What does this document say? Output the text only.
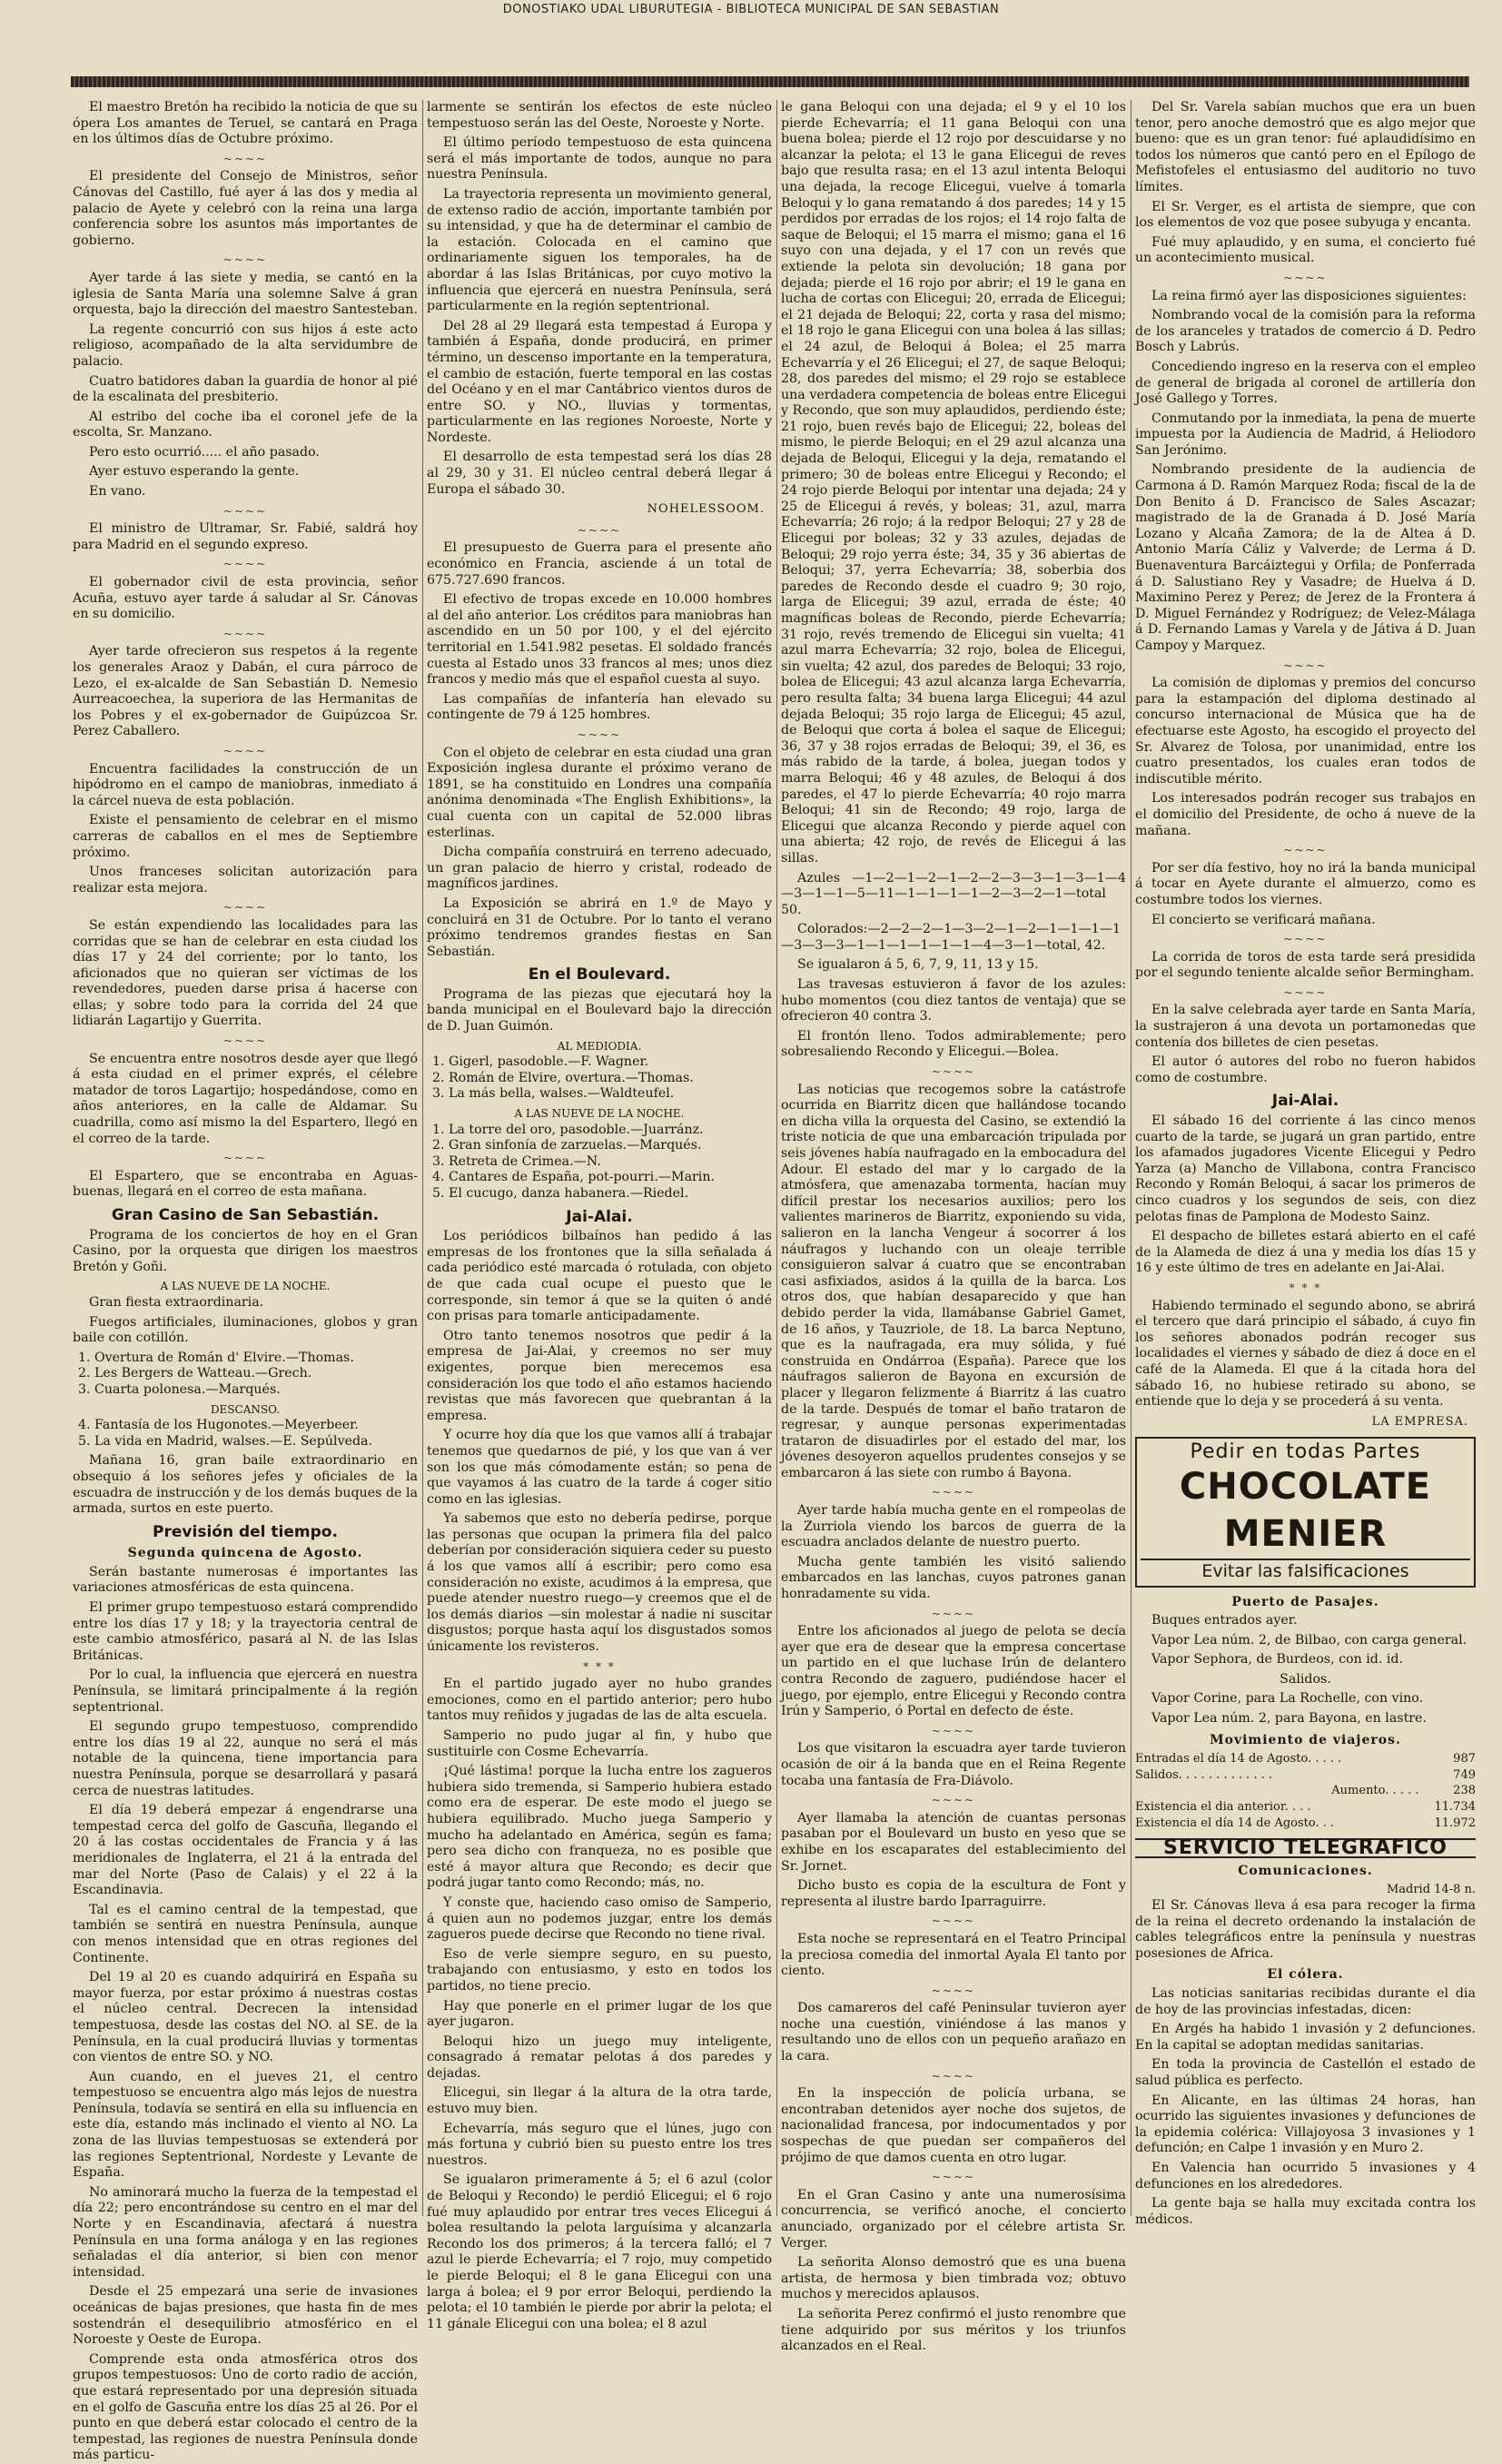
DONOSTIAKO UDAL LIBURUTEGIA - BIBLIOTECA MUNICIPAL DE SAN SEBASTIAN

El maestro Bretón ha recibido la noticia de que su ópera Los amantes de Teruel, se cantará en Praga en los últimos días de Octubre próximo.

~~~~

El presidente del Consejo de Ministros, señor Cánovas del Castillo, fué ayer á las dos y media al palacio de Ayete y celebró con la reina una larga conferencia sobre los asuntos más importantes de gobierno.

~~~~

Ayer tarde á las siete y media, se cantó en la iglesia de Santa María una solemne Salve á gran orquesta, bajo la dirección del maestro Santesteban.

La regente concurrió con sus hijos á este acto religioso, acompañado de la alta servidumbre de palacio.

Cuatro batidores daban la guardia de honor al pié de la escalinata del presbiterio.

Al estribo del coche iba el coronel jefe de la escolta, Sr. Manzano.

Pero esto ocurrió..... el año pasado.

Ayer estuvo esperando la gente.

En vano.

~~~~

El ministro de Ultramar, Sr. Fabié, saldrá hoy para Madrid en el segundo expreso.

~~~~

El gobernador civil de esta provincia, señor Acuña, estuvo ayer tarde á saludar al Sr. Cánovas en su domicilio.

~~~~

Ayer tarde ofrecieron sus respetos á la regente los generales Araoz y Dabán, el cura párroco de Lezo, el ex-alcalde de San Sebastián D. Nemesio Aurreacoechea, la superiora de las Hermanitas de los Pobres y el ex-gobernador de Guipúzcoa Sr. Perez Caballero.

~~~~

Encuentra facilidades la construcción de un hipódromo en el campo de maniobras, inmediato á la cárcel nueva de esta población.

Existe el pensamiento de celebrar en el mismo carreras de caballos en el mes de Septiembre próximo.

Unos franceses solicitan autorización para realizar esta mejora.

~~~~

Se están expendiendo las localidades para las corridas que se han de celebrar en esta ciudad los días 17 y 24 del corriente; por lo tanto, los aficionados que no quieran ser víctimas de los revendedores, pueden darse prisa á hacerse con ellas; y sobre todo para la corrida del 24 que lidiarán Lagartijo y Guerrita.

~~~~

Se encuentra entre nosotros desde ayer que llegó á esta ciudad en el primer exprés, el célebre matador de toros Lagartijo; hospedándose, como en años anteriores, en la calle de Aldamar. Su cuadrilla, como así mismo la del Espartero, llegó en el correo de la tarde.

~~~~

El Espartero, que se encontraba en Aguas-buenas, llegará en el correo de esta mañana.

Gran Casino de San Sebastián.

Programa de los conciertos de hoy en el Gran Casino, por la orquesta que dirigen los maestros Bretón y Goñi.

A LAS NUEVE DE LA NOCHE.

Gran fiesta extraordinaria.

Fuegos artificiales, iluminaciones, globos y gran baile con cotillón.

1. Overtura de Román d' Elvire.—Thomas.
2. Les Bergers de Watteau.—Grech.
3. Cuarta polonesa.—Marqués.
DESCANSO.
4. Fantasía de los Hugonotes.—Meyerbeer.
5. La vida en Madrid, walses.—E. Sepúlveda.

Mañana 16, gran baile extraordinario en obsequio á los señores jefes y oficiales de la escuadra de instrucción y de los demás buques de la armada, surtos en este puerto.

Previsión del tiempo.
Segunda quincena de Agosto.

Serán bastante numerosas é importantes las variaciones atmosféricas de esta quincena.

El primer grupo tempestuoso estará comprendido entre los días 17 y 18; y la trayectoria central de este cambio atmosférico, pasará al N. de las Islas Británicas.

Por lo cual, la influencia que ejercerá en nuestra Península, se limitará principalmente á la región septentrional.

El segundo grupo tempestuoso, comprendido entre los días 19 al 22, aunque no será el más notable de la quincena, tiene importancia para nuestra Península, porque se desarrollará y pasará cerca de nuestras latitudes.

El día 19 deberá empezar á engendrarse una tempestad cerca del golfo de Gascuña, llegando el 20 á las costas occidentales de Francia y á las meridionales de Inglaterra, el 21 á la entrada del mar del Norte (Paso de Calais) y el 22 á la Escandinavia.

Tal es el camino central de la tempestad, que también se sentirá en nuestra Península, aunque con menos intensidad que en otras regiones del Continente.

Del 19 al 20 es cuando adquirirá en España su mayor fuerza, por estar próximo á nuestras costas el núcleo central. Decrecen la intensidad tempestuosa, desde las costas del NO. al SE. de la Península, en la cual producirá lluvias y tormentas con vientos de entre SO. y NO.

Aun cuando, en el jueves 21, el centro tempestuoso se encuentra algo más lejos de nuestra Península, todavía se sentirá en ella su influencia en este día, estando más inclinado el viento al NO. La zona de las lluvias tempestuosas se extenderá por las regiones Septentrional, Nordeste y Levante de España.

No aminorará mucho la fuerza de la tempestad el día 22; pero encontrándose su centro en el mar del Norte y en Escandinavia, afectará á nuestra Península en una forma análoga y en las regiones señaladas el día anterior, si bien con menor intensidad.

Desde el 25 empezará una serie de invasiones oceánicas de bajas presiones, que hasta fin de mes sostendrán el desequilibrio atmosférico en el Noroeste y Oeste de Europa.

Comprende esta onda atmosférica otros dos grupos tempestuosos: Uno de corto radio de acción, que estará representado por una depresión situada en el golfo de Gascuña entre los días 25 al 26. Por el punto en que deberá estar colocado el centro de la tempestad, las regiones de nuestra Península donde más particu-

larmente se sentirán los efectos de este núcleo tempestuoso serán las del Oeste, Noroeste y Norte.

El último período tempestuoso de esta quincena será el más importante de todos, aunque no para nuestra Península.

La trayectoria representa un movimiento general, de extenso radio de acción, importante también por su intensidad, y que ha de determinar el cambio de la estación. Colocada en el camino que ordinariamente siguen los temporales, ha de abordar á las Islas Británicas, por cuyo motivo la influencia que ejercerá en nuestra Península, será particularmente en la región septentrional.

Del 28 al 29 llegará esta tempestad á Europa y también á España, donde producirá, en primer término, un descenso importante en la temperatura, el cambio de estación, fuerte temporal en las costas del Océano y en el mar Cantábrico vientos duros de entre SO. y NO., lluvias y tormentas, particularmente en las regiones Noroeste, Norte y Nordeste.

El desarrollo de esta tempestad será los días 28 al 29, 30 y 31. El núcleo central deberá llegar á Europa el sábado 30.

NOHELESSOOM.
~~~~

El presupuesto de Guerra para el presente año económico en Francia, asciende á un total de 675.727.690 francos.

El efectivo de tropas excede en 10.000 hombres al del año anterior. Los créditos para maniobras han ascendido en un 50 por 100, y el del ejército territorial en 1.541.982 pesetas. El soldado francés cuesta al Estado unos 33 francos al mes; unos diez francos y medio más que el español cuesta al suyo.

Las compañías de infantería han elevado su contingente de 79 á 125 hombres.

~~~~

Con el objeto de celebrar en esta ciudad una gran Exposición inglesa durante el próximo verano de 1891, se ha constituido en Londres una compañía anónima denominada «The English Exhibitions», la cual cuenta con un capital de 52.000 libras esterlinas.

Dicha compañía construirá en terreno adecuado, un gran palacio de hierro y cristal, rodeado de magníficos jardines.

La Exposición se abrirá en 1.º de Mayo y concluirá en 31 de Octubre. Por lo tanto el verano próximo tendremos grandes fiestas en San Sebastián.

En el Boulevard.

Programa de las piezas que ejecutará hoy la banda municipal en el Boulevard bajo la dirección de D. Juan Guimón.

AL MEDIODIA.
1. Gigerl, pasodoble.—F. Wagner.
2. Román de Elvire, overtura.—Thomas.
3. La más bella, walses.—Waldteufel.
A LAS NUEVE DE LA NOCHE.
1. La torre del oro, pasodoble.—Juarránz.
2. Gran sinfonía de zarzuelas.—Marqués.
3. Retreta de Crimea.—N.
4. Cantares de España, pot-pourri.—Marin.
5. El cucugo, danza habanera.—Riedel.
Jai-Alai.

Los periódicos bilbaínos han pedido á las empresas de los frontones que la silla señalada á cada periódico esté marcada ó rotulada, con objeto de que cada cual ocupe el puesto que le corresponde, sin temor á que se la quiten ó andé con prisas para tomarle anticipadamente.

Otro tanto tenemos nosotros que pedir á la empresa de Jai-Alai, y creemos no ser muy exigentes, porque bien merecemos esa consideración los que todo el año estamos haciendo revistas que más favorecen que quebrantan á la empresa.

Y ocurre hoy día que los que vamos allí á trabajar tenemos que quedarnos de pié, y los que van á ver son los que más cómodamente están; so pena de que vayamos á las cuatro de la tarde á coger sitio como en las iglesias.

Ya sabemos que esto no debería pedirse, porque las personas que ocupan la primera fila del palco deberían por consideración siquiera ceder su puesto á los que vamos allí á escribir; pero como esa consideración no existe, acudimos á la empresa, que puede atender nuestro ruego—y creemos que el de los demás diarios —sin molestar á nadie ni suscitar disgustos; porque hasta aquí los disgustados somos únicamente los revisteros.

* * *

En el partido jugado ayer no hubo grandes emociones, como en el partido anterior; pero hubo tantos muy reñidos y jugadas de las de alta escuela.

Samperio no pudo jugar al fin, y hubo que sustituirle con Cosme Echevarría.

¡Qué lástima! porque la lucha entre los zagueros hubiera sido tremenda, si Samperio hubiera estado como era de esperar. De este modo el juego se hubiera equilibrado. Mucho juega Samperio y mucho ha adelantado en América, según es fama; pero sea dicho con franqueza, no es posible que esté á mayor altura que Recondo; es decir que podrá jugar tanto como Recondo; más, no.

Y conste que, haciendo caso omiso de Samperio, á quien aun no podemos juzgar, entre los demás zagueros puede decirse que Recondo no tiene rival.

Eso de verle siempre seguro, en su puesto, trabajando con entusiasmo, y esto en todos los partidos, no tiene precio.

Hay que ponerle en el primer lugar de los que ayer jugaron.

Beloqui hizo un juego muy inteligente, consagrado á rematar pelotas á dos paredes y dejadas.

Elicegui, sin llegar á la altura de la otra tarde, estuvo muy bien.

Echevarría, más seguro que el lúnes, jugo con más fortuna y cubrió bien su puesto entre los tres nuestros.

Se igualaron primeramente á 5; el 6 azul (color de Beloqui y Recondo) le perdió Elicegui; el 6 rojo fué muy aplaudido por entrar tres veces Elicegui á bolea resultando la pelota larguísima y alcanzarla Recondo los dos primeros; á la tercera falló; el 7 azul le pierde Echevarría; el 7 rojo, muy competido le pierde Beloqui; el 8 le gana Elicegui con una larga á bolea; el 9 por error Beloqui, perdiendo la pelota; el 10 también le pierde por abrir la pelota; el 11 gánale Elicegui con una bolea; el 8 azul

le gana Beloqui con una dejada; el 9 y el 10 los pierde Echevarría; el 11 gana Beloqui con una buena bolea; pierde el 12 rojo por descuidarse y no alcanzar la pelota; el 13 le gana Elicegui de reves bajo que resulta rasa; en el 13 azul intenta Beloqui una dejada, la recoge Elicegui, vuelve á tomarla Beloqui y lo gana rematando á dos paredes; 14 y 15 perdidos por erradas de los rojos; el 14 rojo falta de saque de Beloqui; el 15 marra el mismo; gana el 16 suyo con una dejada, y el 17 con un revés que extiende la pelota sin devolución; 18 gana por dejada; pierde el 16 rojo por abrir; el 19 le gana en lucha de cortas con Elicegui; 20, errada de Elicegui; el 21 dejada de Beloqui; 22, corta y rasa del mismo; el 18 rojo le gana Elicegui con una bolea á las sillas; el 24 azul, de Beloqui á Bolea; el 25 marra Echevarría y el 26 Elicegui; el 27, de saque Beloqui; 28, dos paredes del mismo; el 29 rojo se establece una verdadera competencia de boleas entre Elicegui y Recondo, que son muy aplaudidos, perdiendo éste; 21 rojo, buen revés bajo de Elicegui; 22, boleas del mismo, le pierde Beloqui; en el 29 azul alcanza una dejada de Beloqui, Elicegui y la deja, rematando el primero; 30 de boleas entre Elicegui y Recondo; el 24 rojo pierde Beloqui por intentar una dejada; 24 y 25 de Elicegui á revés, y boleas; 31, azul, marra Echevarría; 26 rojo; á la redpor Beloqui; 27 y 28 de Elicegui por boleas; 32 y 33 azules, dejadas de Beloqui; 29 rojo yerra éste; 34, 35 y 36 abiertas de Beloqui; 37, yerra Echevarría; 38, soberbia dos paredes de Recondo desde el cuadro 9; 30 rojo, larga de Elicegui; 39 azul, errada de éste; 40 magníficas boleas de Recondo, pierde Echevarría; 31 rojo, revés tremendo de Elicegui sin vuelta; 41 azul marra Echevarría; 32 rojo, bolea de Elicegui, sin vuelta; 42 azul, dos paredes de Beloqui; 33 rojo, bolea de Elicegui; 43 azul alcanza larga Echevarría, pero resulta falta; 34 buena larga Elicegui; 44 azul dejada Beloqui; 35 rojo larga de Elicegui; 45 azul, de Beloqui que corta á bolea el saque de Elicegui; 36, 37 y 38 rojos erradas de Beloqui; 39, el 36, es más rabido de la tarde, á bolea, juegan todos y marra Beloqui; 46 y 48 azules, de Beloqui á dos paredes, el 47 lo pierde Echevarría; 40 rojo marra Beloqui; 41 sin de Recondo; 49 rojo, larga de Elicegui que alcanza Recondo y pierde aquel con una abierta; 42 rojo, de revés de Elicegui á las sillas.

Azules —1—2—1—2—1—2—2—3—3—1—3—1—4—3—1—1—5—11—1—1—1—1—2—3—2—1—total 50.

Colorados:—2—2—2—1—3—2—1—2—1—1—1—1—3—3—3—1—1—1—1—1—1—4—3—1—total, 42.

Se igualaron á 5, 6, 7, 9, 11, 13 y 15.

Las travesas estuvieron á favor de los azules: hubo momentos (cou diez tantos de ventaja) que se ofrecieron 40 contra 3.

El frontón lleno. Todos admirablemente; pero sobresaliendo Recondo y Elicegui.—Bolea.

~~~~

Las noticias que recogemos sobre la catástrofe ocurrida en Biarritz dicen que hallándose tocando en dicha villa la orquesta del Casino, se extendió la triste noticia de que una embarcación tripulada por seis jóvenes había naufragado en la embocadura del Adour. El estado del mar y lo cargado de la atmósfera, que amenazaba tormenta, hacían muy difícil prestar los necesarios auxilios; pero los valientes marineros de Biarritz, exponiendo su vida, salieron en la lancha Vengeur á socorrer á los náufragos y luchando con un oleaje terrible consiguieron salvar á cuatro que se encontraban casi asfixiados, asidos á la quilla de la barca. Los otros dos, que habían desaparecido y que han debido perder la vida, llamábanse Gabriel Gamet, de 16 años, y Tauzriole, de 18. La barca Neptuno, que es la naufragada, era muy sólida, y fué construida en Ondárroa (España). Parece que los náufragos salieron de Bayona en excursión de placer y llegaron felizmente á Biarritz á las cuatro de la tarde. Después de tomar el baño trataron de regresar, y aunque personas experimentadas trataron de disuadirles por el estado del mar, los jóvenes desoyeron aquellos prudentes consejos y se embarcaron á las siete con rumbo á Bayona.

~~~~

Ayer tarde había mucha gente en el rompeolas de la Zurriola viendo los barcos de guerra de la escuadra anclados delante de nuestro puerto.

Mucha gente también les visitó saliendo embarcados en las lanchas, cuyos patrones ganan honradamente su vida.

~~~~

Entre los aficionados al juego de pelota se decía ayer que era de desear que la empresa concertase un partido en el que luchase Irún de delantero contra Recondo de zaguero, pudiéndose hacer el juego, por ejemplo, entre Elicegui y Recondo contra Irún y Samperio, ó Portal en defecto de éste.

~~~~

Los que visitaron la escuadra ayer tarde tuvieron ocasión de oir á la banda que en el Reina Regente tocaba una fantasía de Fra-Diávolo.

~~~~

Ayer llamaba la atención de cuantas personas pasaban por el Boulevard un busto en yeso que se exhibe en los escaparates del establecimiento del Sr. Jornet.

Dicho busto es copia de la escultura de Font y representa al ilustre bardo Iparraguirre.

~~~~

Esta noche se representará en el Teatro Principal la preciosa comedia del inmortal Ayala El tanto por ciento.

~~~~

Dos camareros del café Peninsular tuvieron ayer noche una cuestión, viniéndose á las manos y resultando uno de ellos con un pequeño arañazo en la cara.

~~~~

En la inspección de policía urbana, se encontraban detenidos ayer noche dos sujetos, de nacionalidad francesa, por indocumentados y por sospechas de que puedan ser compañeros del prójimo de que damos cuenta en otro lugar.

~~~~

En el Gran Casino y ante una numerosísima concurrencia, se verificó anoche, el concierto anunciado, organizado por el célebre artista Sr. Verger.

La señorita Alonso demostró que es una buena artista, de hermosa y bien timbrada voz; obtuvo muchos y merecidos aplausos.

La señorita Perez confirmó el justo renombre que tiene adquirido por sus méritos y los triunfos alcanzados en el Real.

Del Sr. Varela sabían muchos que era un buen tenor, pero anoche demostró que es algo mejor que bueno: que es un gran tenor: fué aplaudidísimo en todos los números que cantó pero en el Epílogo de Mefistofeles el entusiasmo del auditorio no tuvo límites.

El Sr. Verger, es el artista de siempre, que con los elementos de voz que posee subyuga y encanta.

Fué muy aplaudido, y en suma, el concierto fué un acontecimiento musical.

~~~~

La reina firmó ayer las disposiciones siguientes:

Nombrando vocal de la comisión para la reforma de los aranceles y tratados de comercio á D. Pedro Bosch y Labrús.

Concediendo ingreso en la reserva con el empleo de general de brigada al coronel de artillería don José Gallego y Torres.

Conmutando por la inmediata, la pena de muerte impuesta por la Audiencia de Madrid, á Heliodoro San Jerónimo.

Nombrando presidente de la audiencia de Carmona á D. Ramón Marquez Roda; fiscal de la de Don Benito á D. Francisco de Sales Ascazar; magistrado de la de Granada á D. José María Lozano y Alcaña Zamora; de la de Altea á D. Antonio María Cáliz y Valverde; de Lerma á D. Buenaventura Barcáiztegui y Orfila; de Ponferrada á D. Salustiano Rey y Vasadre; de Huelva á D. Maximino Perez y Perez; de Jerez de la Frontera á D. Miguel Fernández y Rodríguez; de Velez-Málaga á D. Fernando Lamas y Varela y de Játiva á D. Juan Campoy y Marquez.

~~~~

La comisión de diplomas y premios del concurso para la estampación del diploma destinado al concurso internacional de Música que ha de efectuarse este Agosto, ha escogido el proyecto del Sr. Alvarez de Tolosa, por unanimidad, entre los cuatro presentados, los cuales eran todos de indiscutible mérito.

Los interesados podrán recoger sus trabajos en el domicilio del Presidente, de ocho á nueve de la mañana.

~~~~

Por ser día festivo, hoy no irá la banda municipal á tocar en Ayete durante el almuerzo, como es costumbre todos los viernes.

El concierto se verificará mañana.

~~~~

La corrida de toros de esta tarde será presidida por el segundo teniente alcalde señor Bermingham.

~~~~

En la salve celebrada ayer tarde en Santa María, la sustrajeron á una devota un portamonedas que contenía dos billetes de cien pesetas.

El autor ó autores del robo no fueron habidos como de costumbre.

Jai-Alai.

El sábado 16 del corriente á las cinco menos cuarto de la tarde, se jugará un gran partido, entre los afamados jugadores Vicente Elicegui y Pedro Yarza (a) Mancho de Villabona, contra Francisco Recondo y Román Beloqui, á sacar los primeros de cinco cuadros y los segundos de seis, con diez pelotas finas de Pamplona de Modesto Sainz.

El despacho de billetes estará abierto en el café de la Alameda de diez á una y media los días 15 y 16 y este último de tres en adelante en Jai-Alai.

* * *

Habiendo terminado el segundo abono, se abrirá el tercero que dará principio el sábado, á cuyo fin los señores abonados podrán recoger sus localidades el viernes y sábado de diez á doce en el café de la Alameda. El que á la citada hora del sábado 16, no hubiese retirado su abono, se entiende que lo deja y se procederá á su venta.

LA EMPRESA.
Pedir en todas Partes
CHOCOLATE
MENIER
Evitar las falsificaciones
Puerto de Pasajes.

Buques entrados ayer.

Vapor Lea núm. 2, de Bilbao, con carga general.

Vapor Sephora, de Burdeos, con id. id.

Salidos.

Vapor Corine, para La Rochelle, con vino.

Vapor Lea núm. 2, para Bayona, en lastre.

Movimiento de viajeros.
Entradas el día 14 de Agosto. . . . .	987
Salidos. . . . . . . . . . . . .	749
Aumento. . . . .	238
Existencia el dia anterior. . . .	11.734
Existencia el día 14 de Agosto. . .	11.972
SERVICIO TELEGRAFICO
Comunicaciones.
Madrid 14-8 n.

El Sr. Cánovas lleva á esa para recoger la firma de la reina el decreto ordenando la instalación de cables telegráficos entre la península y nuestras posesiones de Africa.

El cólera.

Las noticias sanitarias recibidas durante el dia de hoy de las provincias infestadas, dicen:

En Argés ha habido 1 invasión y 2 defunciones. En la capital se adoptan medidas sanitarias.

En toda la provincia de Castellón el estado de salud pública es perfecto.

En Alicante, en las últimas 24 horas, han ocurrido las siguientes invasiones y defunciones de la epidemia colérica: Villajoyosa 3 invasiones y 1 defunción; en Calpe 1 invasión y en Muro 2.

En Valencia han ocurrido 5 invasiones y 4 defunciones en los alrededores.

La gente baja se halla muy excitada contra los médicos.
